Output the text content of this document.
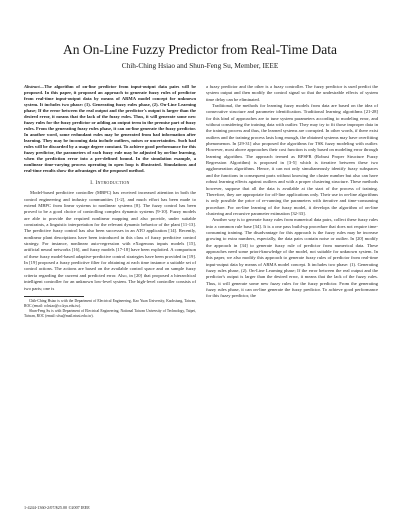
An On-Line Fuzzy Predictor from Real-Time Data
Chih-Ching Hsiao and Shun-Feng Su, Member, IEEE
Abstract—The algorithm of on-line predictor from input-output data pairs will be proposed. In this paper, it proposed an approach to generate fuzzy rules of predictor from real-time input-output data by means of ARMA model concept for unknown system. It includes two phase: (1). Generating fuzzy rules phase, (2). On-Line Learning phase; If the error between the real output and the predictor's output is larger than the desired error, it means that the lack of the fuzzy rules. Thus, it will generate some new fuzzy rules for the fuzzy predictor or adding an output term in the premise part of fuzzy rules. From the generating fuzzy rules phase, it can on-line generate the fuzzy predictor. In another word, some redundant rules may be generated from bad information after learning. They may be incoming data include outliers, noises or uncertainties. Such bad rules will be discarded by a usage degree constant. To achieve good performance for this fuzzy predictor, the parameters of each fuzzy rule may be adjusted by on-line learning, when the prediction error into a pre-defined bound. In the simulation example, a nonlinear time-varying process operating in open loop is illustrated. Simulations and real-time results show the advantages of the proposed method.
I. Introduction

Model-based predictive controller (MBPC) has received increased attention in both the control engineering and industry communities [1-2], and much effort has been made to extend MBPC from linear systems to nonlinear systems [8]. The fuzzy control has been proved to be a good choice of controlling complex dynamic systems [9-10]. Fuzzy models are able to provide the required nonlinear mapping and also provide, under suitable constraints, a linguistic interpretation for the relevant dynamic behavior of the plant [11-13]. The predictive fuzzy control has also been successes in an ATO application [14]. Recently, nonlinear plant descriptions have been introduced in this class of fuzzy predictive control strategy. For instance, nonlinear auto-regression with eXogenous inputs models [15], artificial neural networks [16], and fuzzy models [17-18] have been exploited. A comparison of these fuzzy model-based adaptive-predictive control strategies have been provided in [19]. In [19] proposed a fuzzy predictive filter for obtaining at each time instance a suitable set of control actions. The actions are based on the available control space and on sample fuzzy criteria regarding the current and predicted error. Also, in [20] that proposed a hierarchical intelligent controller for an unknown low-level system. The high-level controller consists of two parts; one is

Chih-Ching Hsiao is with the Department of Electrical Engineering, Kao Yuan University, Kaohsiung, Taiwan, ROC (email: cchsiao@cc.kyu.edu.tw).

Shun-Feng Su is with Department of Electrical Engineering, National Taiwan University of Technology, Taipei, Taiwan, ROC (email: sfsu@mail.ntust.edu.tw).

a fuzzy predictor and the other is a fuzzy controller. The fuzzy predictor is used predict the system output and then modify the control signal so that the undesirable effects of system time delay can be eliminated.

Traditional, the methods for learning fuzzy models from data are based on the idea of consecutive structure and parameter identification. Traditional learning algorithms [21-28] for this kind of approaches are to tune system parameters according to modeling error, and without considering the training data with outlier. They may try to fit those improper data in the training process and thus, the learned systems are corrupted. In other words, if there exist outliers and the training process lasts long enough, the obtained systems may have overfitting phenomenon. In [29-31] also proposed the algorithms for TSK fuzzy modeling with outlier. However, most above approaches their cost function is only based on modeling error through learning algorithm. The approach termed as RPSFR (Robust Proper Structure Fuzzy Regression Algorithm) is proposed in [3-5] which is iterative between these two agglomeration algorithms. Hence, it can not only simultaneously identify fuzzy subspaces and the functions in consequent parts without knowing the cluster number but also can have robust learning effects against outliers and with a proper clustering structure. These methods however, suppose that all the data is available at the start of the process of training. Therefore, they are appropriate for off-line applications only. Their use in on-line algorithms is only possible the price of re-running the parameters with iterative and time-consuming procedure. For on-line learning of the fuzzy model, it develops the algorithm of on-line clustering and recursive parameter estimation [32-33].

Another way is to generate fuzzy rules from numerical data pairs, collect these fuzzy rules into a common rule base [34]. It is a one pass build-up procedure that does not require time-consuming training. The disadvantage for this approach is the fuzzy rules may be increase growing to extra numbers, especially, the data pairs contain noise or outlier. In [20] modify the approach in [34] to generate fuzzy rule of predictor from numerical data. These approaches need some priori-knowledge of the model, not suitable for unknown system. In this paper, we also modify this approach to generate fuzzy rules of predictor from real-time input-output data by means of ARMA model concept. It includes two phase: (1). Generating fuzzy rules phase, (2). On-Line Learning phase; If the error between the real output and the predictor's output is larger than the desired error, it means that the lack of the fuzzy rules. Thus, it will generate some new fuzzy rules for the fuzzy predictor. From the generating fuzzy rules phase, it can on-line generate the fuzzy predictor. To achieve good performance for this fuzzy predictor, the

1-4244-1360-2/07/$25.00 ©2007 IEEE
